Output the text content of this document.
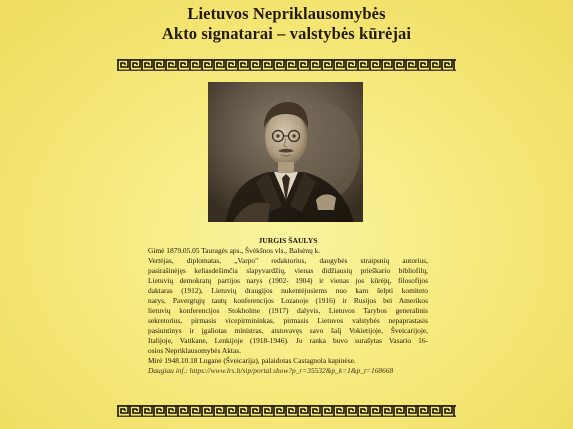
Lietuvos Nepriklausomybės
Akto signatarai – valstybės kūrėjai
JURGIS ŠAULYS

Gimė 1879.05.05 Tauragės aps., Švėkšnos vls., Balsėnų k.

Vertėjas, diplomatas, „Varpo" redaktorius, daugybės straipsnių autorius,

pasirašinėjęs keliasdešimčia slapyvardžių, vienas didžiausių prieškario bibliofilų,

Lietuvių demokratų partijos narys (1902- 1904) ir vienas jos kūrėjų, filosofijos

daktaras (1912), Lietuvių draugijos nukentėjusiems nuo karo šelpti komiteto

narys, Pavergtųjų tautų konferencijos Lozanoje (1916) ir Rusijos bei Amerikos

lietuvių konferencijos Stokholme (1917) dalyvis, Lietuvos Tarybos generalinis

sekretorius, pirmasis vicepirmininkas, pirmasis Lietuvos valstybės nepaprastasis

pasiuntinys ir įgaliotas ministras, atstovavęs savo šalį Vokietijoje, Šveicarijoje,

Italijoje, Vatikane, Lenkijoje (1918-1946). Jo ranka buvo surašytas Vasario 16-

osios Nepriklausomybės Aktas.

Mirė 1948.10.18 Lugane (Šveicarija), palaidotas Castagnola kapinėse.

Daugiau inf.: https://www.lrs.lt/sip/portal.show?p_r=35532&p_k=1&p_t=168668
